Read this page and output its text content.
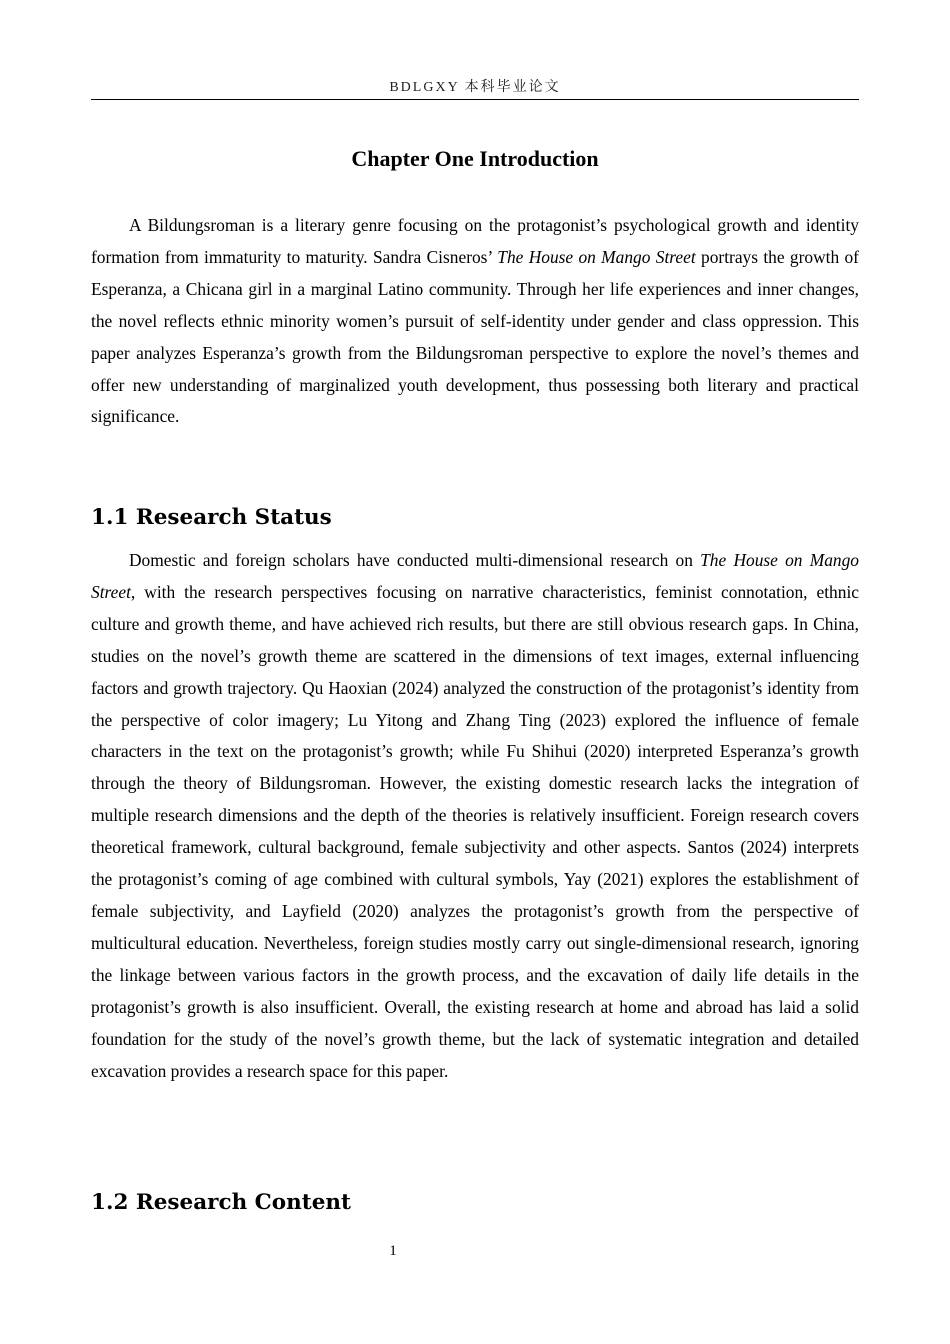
BDLGXY 本科毕业论文
Chapter One Introduction

A Bildungsroman is a literary genre focusing on the protagonist’s psychological growth and identity formation from immaturity to maturity. Sandra Cisneros’ The House on Mango Street portrays the growth of Esperanza, a Chicana girl in a marginal Latino community. Through her life experiences and inner changes, the novel reflects ethnic minority women’s pursuit of self-identity under gender and class oppression. This paper analyzes Esperanza’s growth from the Bildungsroman perspective to explore the novel’s themes and offer new understanding of marginalized youth development, thus possessing both literary and practical significance.

1.1 Research Status

Domestic and foreign scholars have conducted multi-dimensional research on The House on Mango Street, with the research perspectives focusing on narrative characteristics, feminist connotation, ethnic culture and growth theme, and have achieved rich results, but there are still obvious research gaps. In China, studies on the novel’s growth theme are scattered in the dimensions of text images, external influencing factors and growth trajectory. Qu Haoxian (2024) analyzed the construction of the protagonist’s identity from the perspective of color imagery; Lu Yitong and Zhang Ting (2023) explored the influence of female characters in the text on the protagonist’s growth; while Fu Shihui (2020) interpreted Esperanza’s growth through the theory of Bildungsroman. However, the existing domestic research lacks the integration of multiple research dimensions and the depth of the theories is relatively insufficient. Foreign research covers theoretical framework, cultural background, female subjectivity and other aspects. Santos (2024) interprets the protagonist’s coming of age combined with cultural symbols, Yay (2021) explores the establishment of female subjectivity, and Layfield (2020) analyzes the protagonist’s growth from the perspective of multicultural education. Nevertheless, foreign studies mostly carry out single-dimensional research, ignoring the linkage between various factors in the growth process, and the excavation of daily life details in the protagonist’s growth is also insufficient. Overall, the existing research at home and abroad has laid a solid foundation for the study of the novel’s growth theme, but the lack of systematic integration and detailed excavation provides a research space for this paper.

1.2 Research Content
1
